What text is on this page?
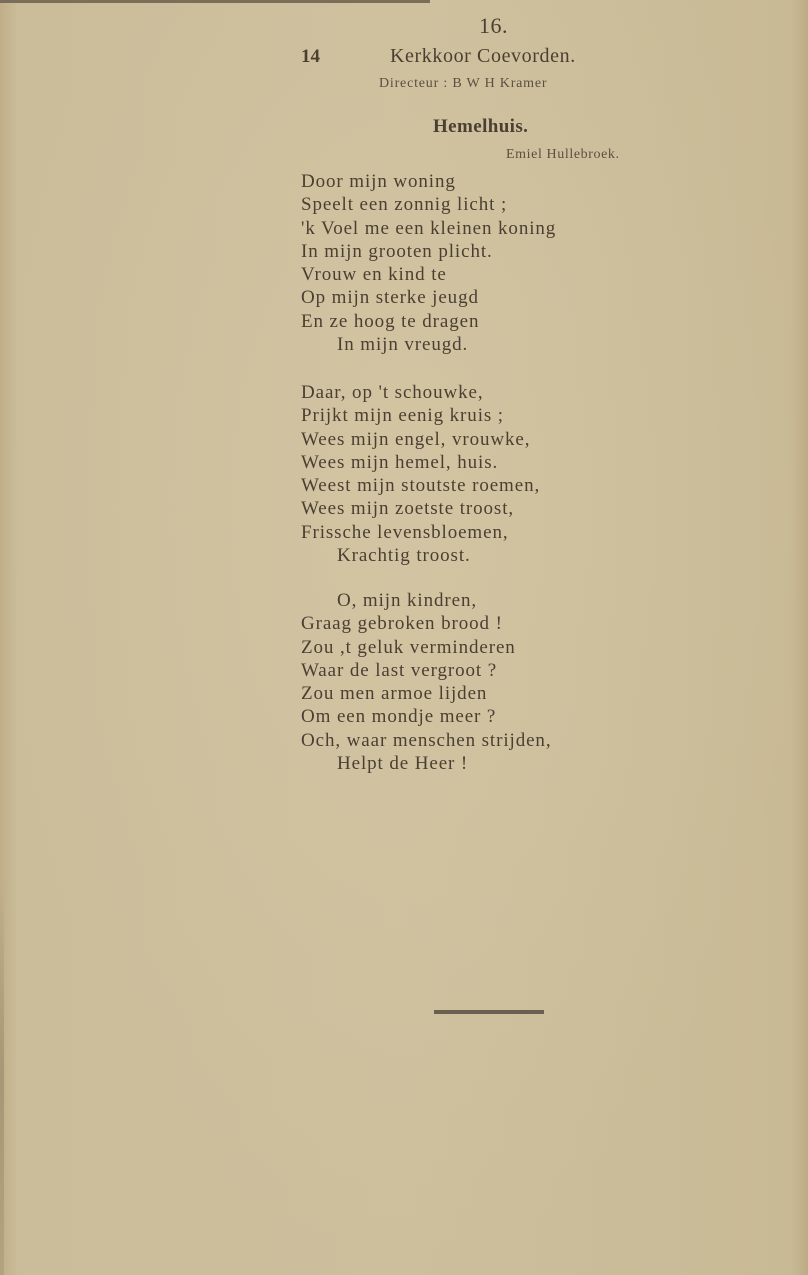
16.
14	Kerkkoor Coevorden.
Directeur : B W H Kramer
Hemelhuis.
Emiel Hullebroek.
Door mijn woning
Speelt een zonnig licht ;
'k Voel me een kleinen koning
In mijn grooten plicht.
Vrouw en kind te
Op mijn sterke jeugd
En ze hoog te dragen
In mijn vreugd.
Daar, op 't schouwke,
Prijkt mijn eenig kruis ;
Wees mijn engel, vrouwke,
Wees mijn hemel, huis.
Weest mijn stoutste roemen,
Wees mijn zoetste troost,
Frissche levensbloemen,
Krachtig troost.
O, mijn kindren,
Graag gebroken brood !
Zou ,t geluk verminderen
Waar de last vergroot ?
Zou men armoe lijden
Om een mondje meer ?
Och, waar menschen strijden,
Helpt de Heer !
